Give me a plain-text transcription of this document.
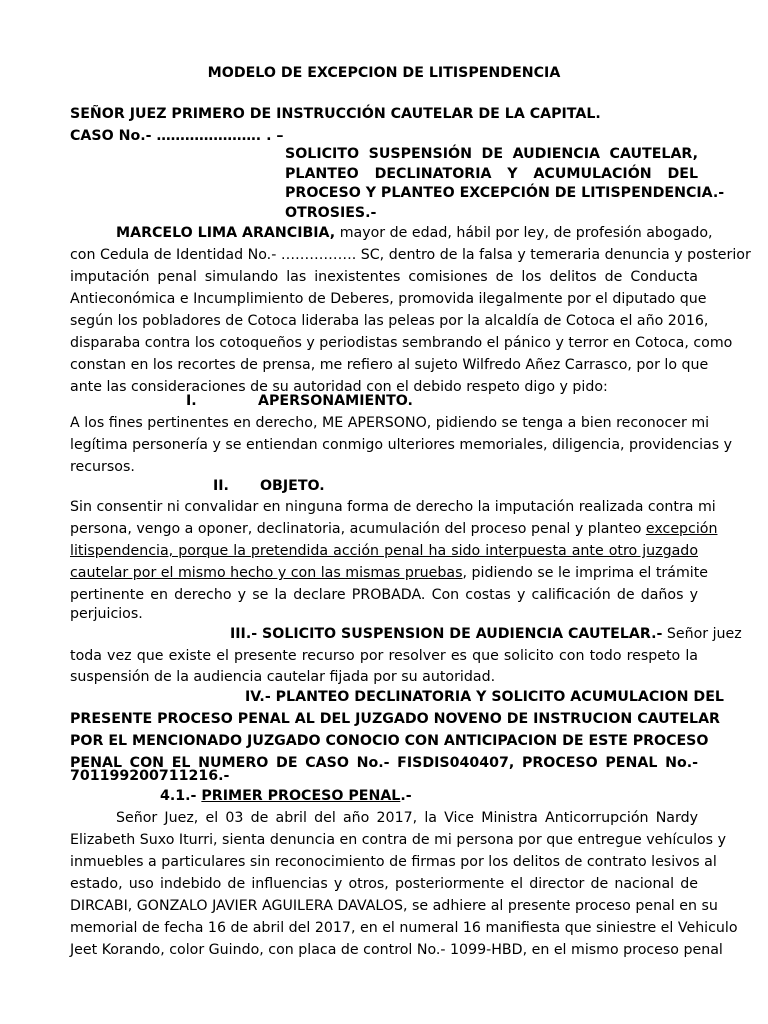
MODELO DE EXCEPCION DE LITISPENDENCIA
SEÑOR JUEZ PRIMERO DE INSTRUCCIÓN CAUTELAR DE LA CAPITAL.
CASO No.- …………………. . –
SOLICITO SUSPENSIÓN DE AUDIENCIA CAUTELAR,
PLANTEO DECLINATORIA Y ACUMULACIÓN DEL
PROCESO Y PLANTEO EXCEPCIÓN DE LITISPENDENCIA.-
OTROSIES.-
MARCELO LIMA ARANCIBIA, mayor de edad, hábil por ley, de profesión abogado,
con Cedula de Identidad No.- ……………. SC, dentro de la falsa y temeraria denuncia y posterior
imputación penal simulando las inexistentes comisiones de los delitos de Conducta
Antieconómica e Incumplimiento de Deberes, promovida ilegalmente por el diputado que
según los pobladores de Cotoca lideraba las peleas por la alcaldía de Cotoca el año 2016,
disparaba contra los cotoqueños y periodistas sembrando el pánico y terror en Cotoca, como
constan en los recortes de prensa, me refiero al sujeto Wilfredo Añez Carrasco, por lo que
ante las consideraciones de su autoridad con el debido respeto digo y pido:
I.	APERSONAMIENTO.
A los fines pertinentes en derecho, ME APERSONO, pidiendo se tenga a bien reconocer mi
legítima personería y se entiendan conmigo ulteriores memoriales, diligencia, providencias y
recursos.
II. OBJETO.
Sin consentir ni convalidar en ninguna forma de derecho la imputación realizada contra mi
persona, vengo a oponer, declinatoria, acumulación del proceso penal y planteo excepción
litispendencia, porque la pretendida acción penal ha sido interpuesta ante otro juzgado
cautelar por el mismo hecho y con las mismas pruebas, pidiendo se le imprima el trámite
pertinente en derecho y se la declare PROBADA. Con costas y calificación de daños y
perjuicios.
III.- SOLICITO SUSPENSION DE AUDIENCIA CAUTELAR.- Señor juez
toda vez que existe el presente recurso por resolver es que solicito con todo respeto la
suspensión de la audiencia cautelar fijada por su autoridad.
IV.- PLANTEO DECLINATORIA Y SOLICITO ACUMULACION DEL
PRESENTE PROCESO PENAL AL DEL JUZGADO NOVENO DE INSTRUCION CAUTELAR
POR EL MENCIONADO JUZGADO CONOCIO CON ANTICIPACION DE ESTE PROCESO
PENAL CON EL NUMERO DE CASO No.- FISDIS040407, PROCESO PENAL No.-
701199200711216.-
4.1.- PRIMER PROCESO PENAL.-
Señor Juez, el 03 de abril del año 2017, la Vice Ministra Anticorrupción Nardy
Elizabeth Suxo Iturri, sienta denuncia en contra de mi persona por que entregue vehículos y
inmuebles a particulares sin reconocimiento de firmas por los delitos de contrato lesivos al
estado, uso indebido de influencias y otros, posteriormente el director de nacional de
DIRCABI, GONZALO JAVIER AGUILERA DAVALOS, se adhiere al presente proceso penal en su
memorial de fecha 16 de abril del 2017, en el numeral 16 manifiesta que siniestre el Vehiculo
Jeet Korando, color Guindo, con placa de control No.- 1099-HBD, en el mismo proceso penal
